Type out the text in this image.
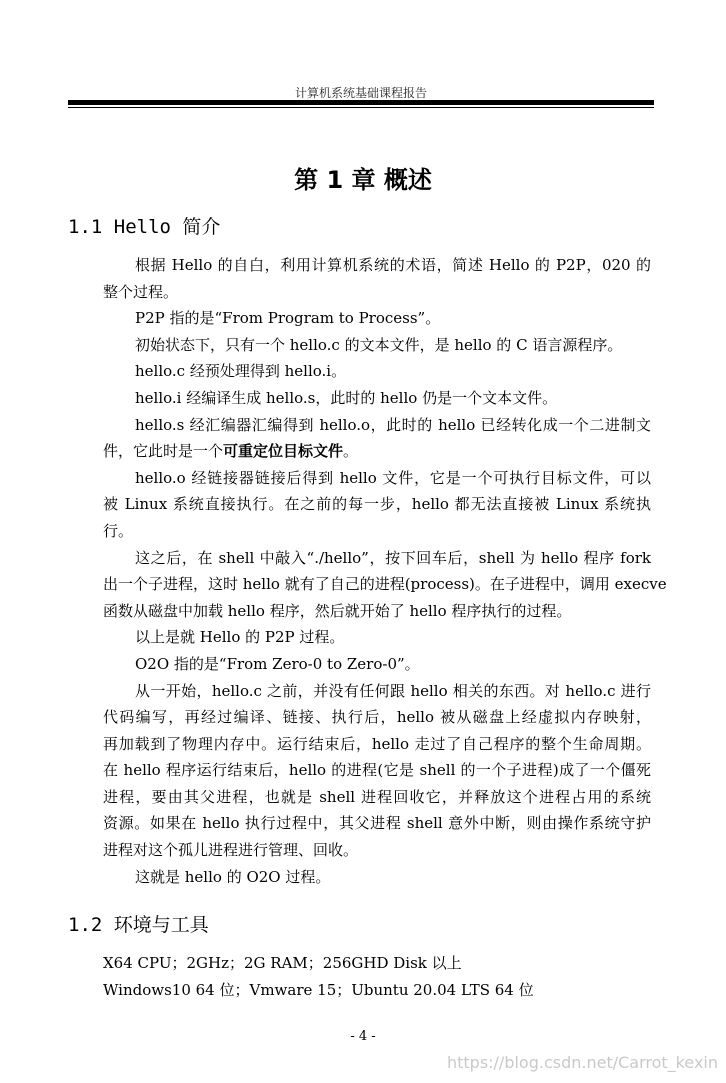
计算机系统基础课程报告
第 1 章 概述
1.1 Hello 简介
根据 Hello 的自白，利用计算机系统的术语，简述 Hello 的 P2P，020 的
整个过程。
P2P 指的是“From Program to Process”。
初始状态下，只有一个 hello.c 的文本文件，是 hello 的 C 语言源程序。
hello.c 经预处理得到 hello.i。
hello.i 经编译生成 hello.s，此时的 hello 仍是一个文本文件。
hello.s 经汇编器汇编得到 hello.o，此时的 hello 已经转化成一个二进制文
件，它此时是一个可重定位目标文件。
hello.o 经链接器链接后得到 hello 文件，它是一个可执行目标文件，可以
被 Linux 系统直接执行。在之前的每一步，hello 都无法直接被 Linux 系统执
行。
这之后，在 shell 中敲入“./hello”，按下回车后，shell 为 hello 程序 fork
出一个子进程，这时 hello 就有了自己的进程(process)。在子进程中，调用 execve
函数从磁盘中加载 hello 程序，然后就开始了 hello 程序执行的过程。
以上是就 Hello 的 P2P 过程。
O2O 指的是“From Zero-0 to Zero-0”。
从一开始，hello.c 之前，并没有任何跟 hello 相关的东西。对 hello.c 进行
代码编写，再经过编译、链接、执行后，hello 被从磁盘上经虚拟内存映射，
再加载到了物理内存中。运行结束后，hello 走过了自己程序的整个生命周期。
在 hello 程序运行结束后，hello 的进程(它是 shell 的一个子进程)成了一个僵死
进程，要由其父进程，也就是 shell 进程回收它，并释放这个进程占用的系统
资源。如果在 hello 执行过程中，其父进程 shell 意外中断，则由操作系统守护
进程对这个孤儿进程进行管理、回收。
这就是 hello 的 O2O 过程。
1.2 环境与工具
X64 CPU；2GHz；2G RAM；256GHD Disk 以上
Windows10 64 位；Vmware 15；Ubuntu 20.04 LTS 64 位
- 4 -
https://blog.csdn.net/Carrot_kexin
